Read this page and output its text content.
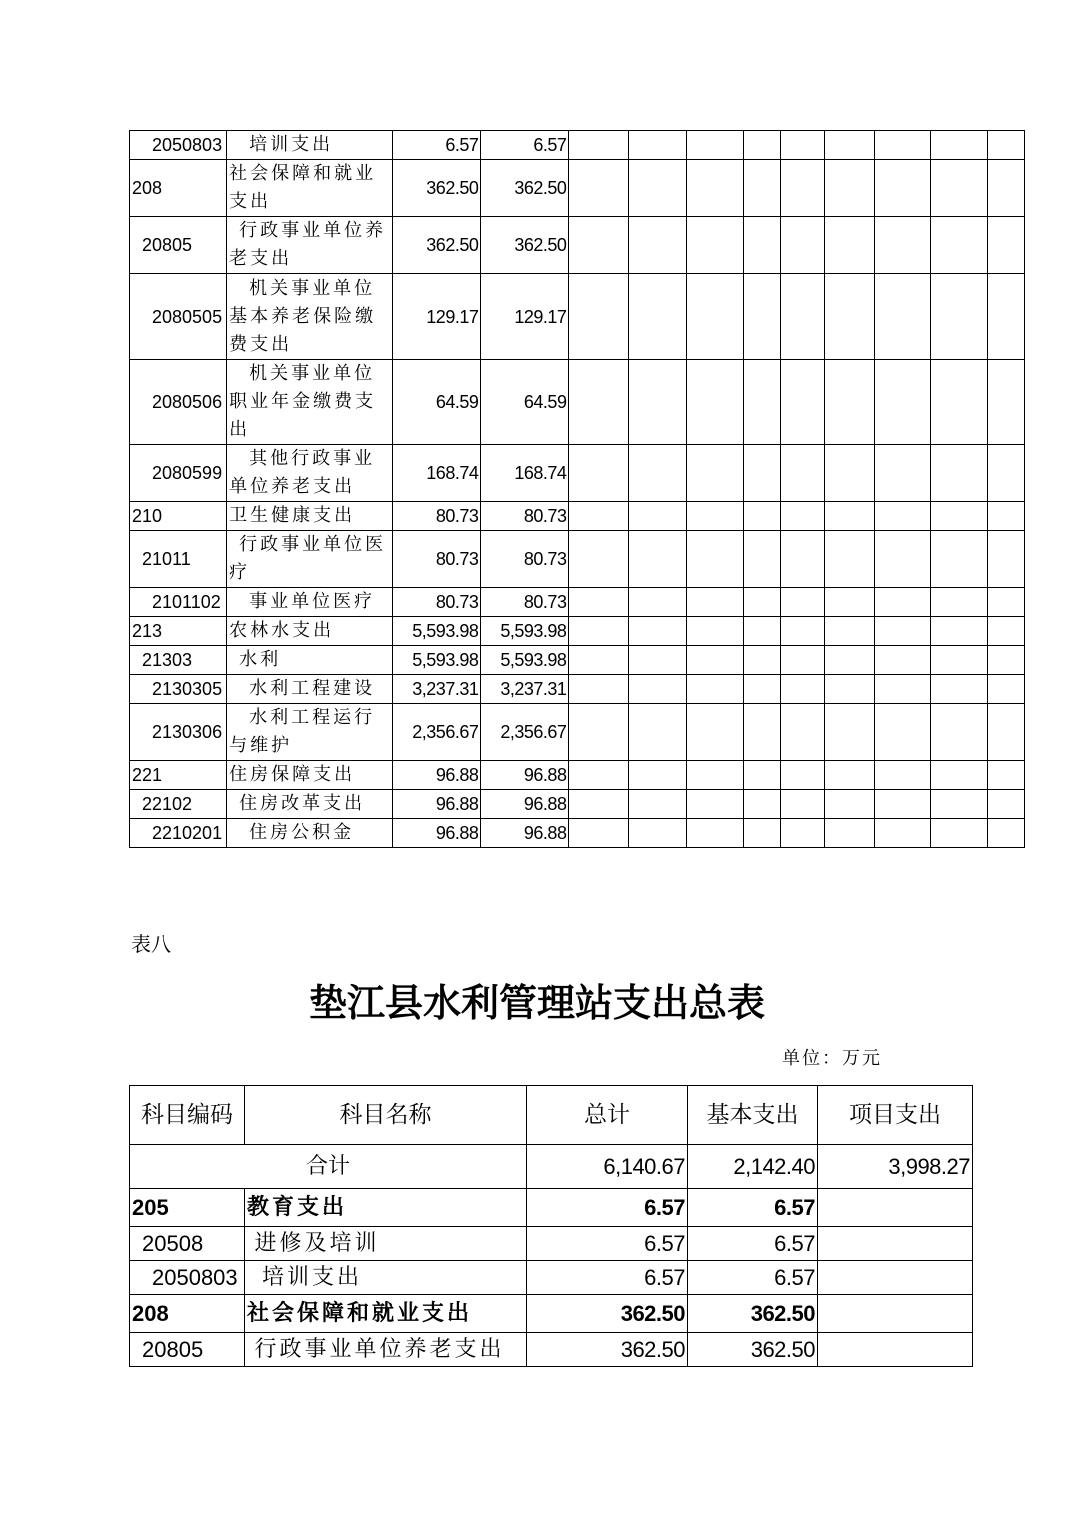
2050803	培训支出	6.57	6.57									
208	社会保障和就业支出	362.50	362.50									
20805	行政事业单位养老支出	362.50	362.50									
2080505	机关事业单位基本养老保险缴费支出	129.17	129.17									
2080506	机关事业单位职业年金缴费支出	64.59	64.59									
2080599	其他行政事业单位养老支出	168.74	168.74									
210	卫生健康支出	80.73	80.73									
21011	行政事业单位医疗	80.73	80.73									
2101102	事业单位医疗	80.73	80.73									
213	农林水支出	5,593.98	5,593.98									
21303	水利	5,593.98	5,593.98									
2130305	水利工程建设	3,237.31	3,237.31									
2130306	水利工程运行与维护	2,356.67	2,356.67									
221	住房保障支出	96.88	96.88									
22102	住房改革支出	96.88	96.88									
2210201	住房公积金	96.88	96.88									
表八
垫江县水利管理站支出总表
单位：万元
科目编码	科目名称	总计	基本支出	项目支出
合计		6,140.67	2,142.40	3,998.27
205	教育支出	6.57	6.57	
20508	进修及培训	6.57	6.57	
2050803	培训支出	6.57	6.57	
208	社会保障和就业支出	362.50	362.50	
20805	行政事业单位养老支出	362.50	362.50	
